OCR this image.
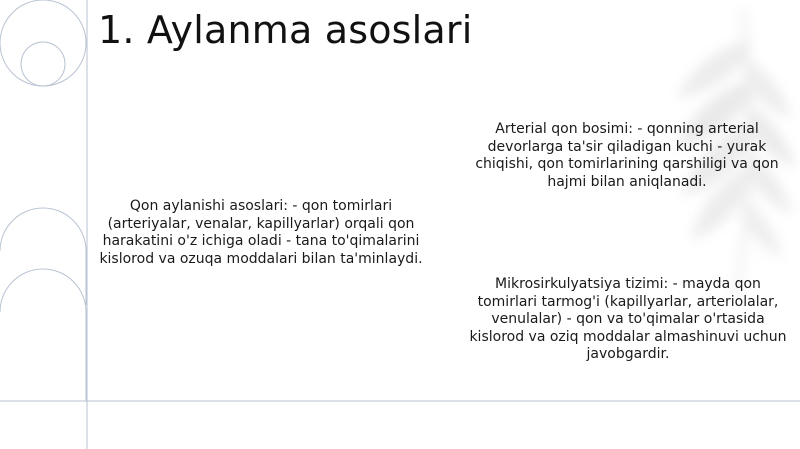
1. Aylanma asoslari

Qon aylanishi asoslari: - qon tomirlari (arteriyalar, venalar, kapillyarlar) orqali qon harakatini o'z ichiga oladi - tana to'qimalarini kislorod va ozuqa moddalari bilan ta'minlaydi.

Arterial qon bosimi: - qonning arterial devorlarga ta'sir qiladigan kuchi - yurak chiqishi, qon tomirlarining qarshiligi va qon hajmi bilan aniqlanadi.

Mikrosirkulyatsiya tizimi: - mayda qon tomirlari tarmog'i (kapillyarlar, arteriolalar, venulalar) - qon va to'qimalar o'rtasida kislorod va oziq moddalar almashinuvi uchun javobgardir.
